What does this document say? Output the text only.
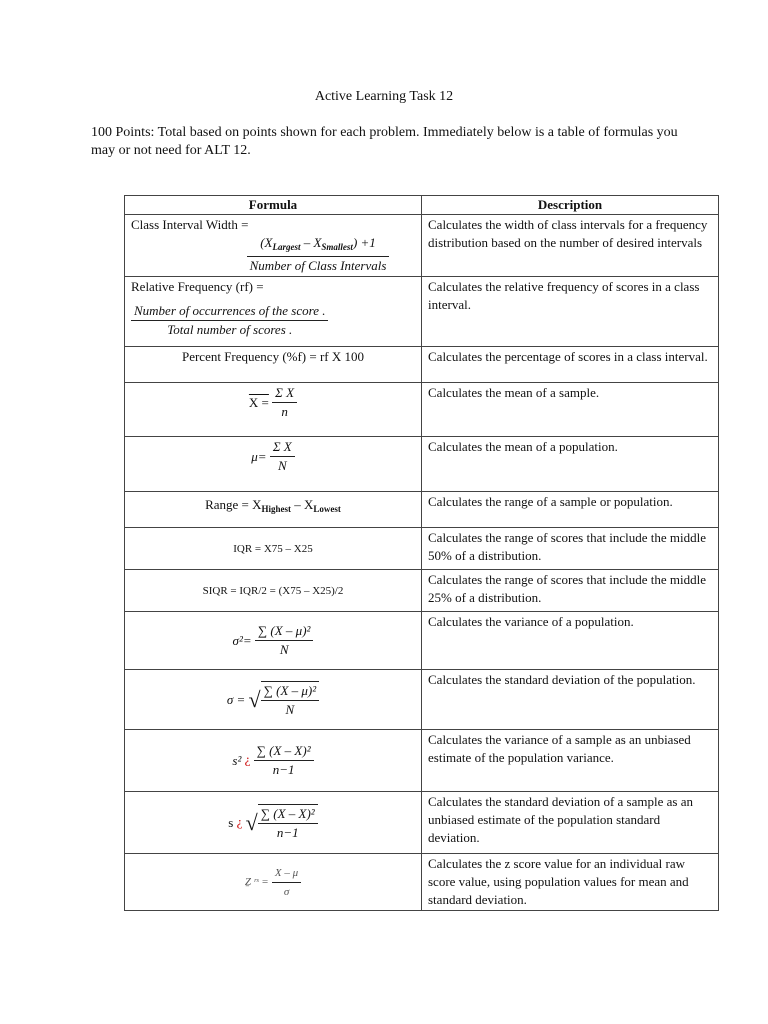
Active Learning Task 12
100 Points: Total based on points shown for each problem. Immediately below is a table of formulas you may or not need for ALT 12.
Formula	Description

Class Interval Width =
$\frac{(X_{Largest} - X_{Smallest}) +1}{\text{Number of Class Intervals}}$	Calculates the width of class intervals for a frequency distribution based on the number of desired intervals

Relative Frequency (rf) =
$\frac{\text{Number of occurrences of the score .}}{\text{Total number of scores .}}$	Calculates the relative frequency of scores in a class interval.
Percent Frequency (%f) = rf X 100	Calculates the percentage of scores in a class interval.
$X = \frac{\text{Σ X}}{n}$	Calculates the mean of a sample.
$\mu= \frac{\text{Σ X}}{N}$	Calculates the mean of a population.
Range = $X_{Highest} - X_{Lowest}$	Calculates the range of a sample or population.
IQR = X75 – X25	Calculates the range of scores that include the middle 50% of a distribution.
SIQR = IQR/2 = (X75 – X25)/2	Calculates the range of scores that include the middle 25% of a distribution.
$\sigma^2= \frac{\text{∑ (X – μ)²}}{N}$	Calculates the variance of a population.
σ = √ $\frac{\text{∑ (X – μ)²}}{N}$	Calculates the standard deviation of the population.
s² ¿ $\frac{\text{∑ (X – X)²}}{n-1}$	Calculates the variance of a sample as an unbiased estimate of the population variance.
s ¿ √ $\frac{\text{∑ (X – X)²}}{n-1}$	Calculates the standard deviation of a sample as an unbiased estimate of the population standard deviation.
Ẕ ʳˢ = $\frac{X - \mu}{\sigma}$	Calculates the z score value for an individual raw score value, using population values for mean and standard deviation.
